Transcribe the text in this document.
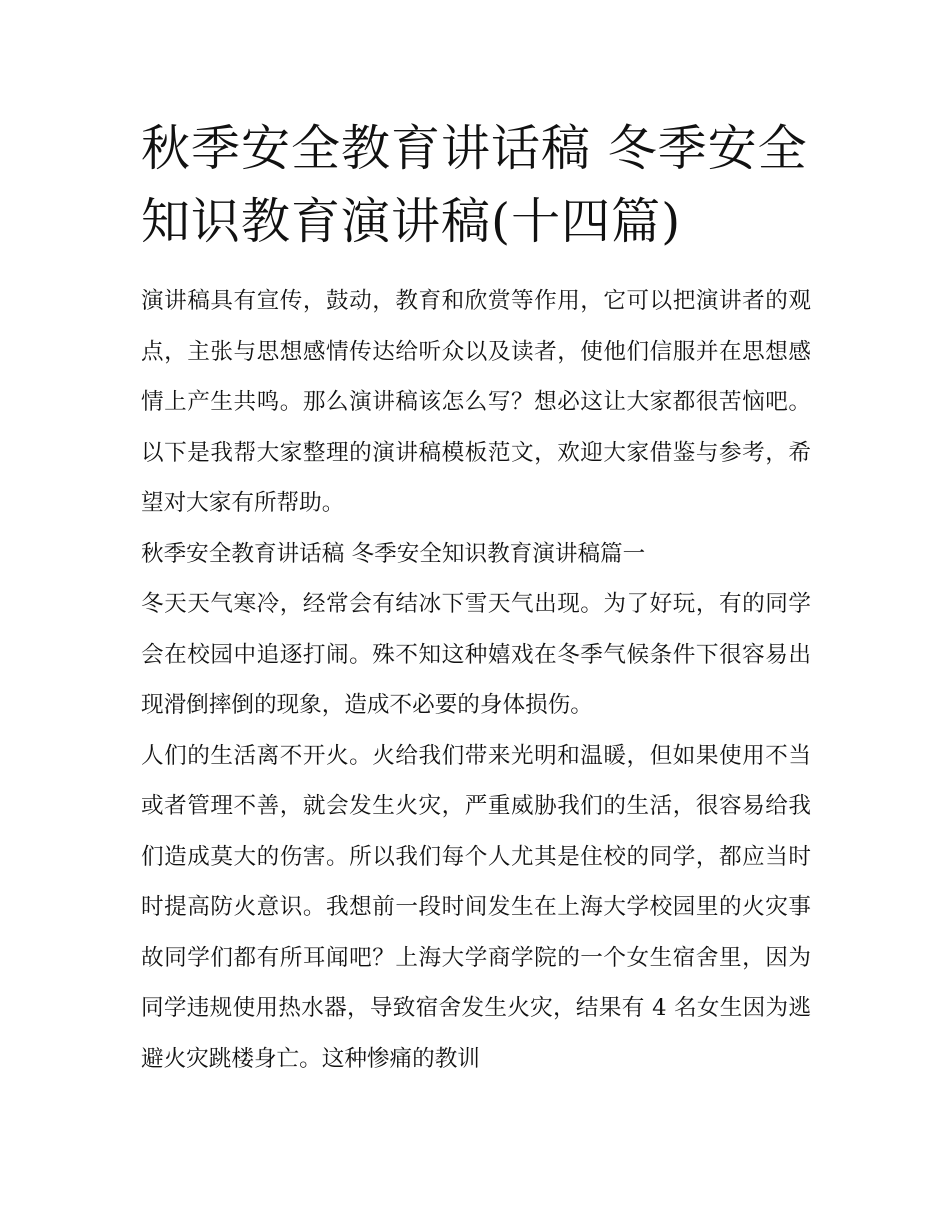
秋季安全教育讲话稿 冬季安全知识教育演讲稿(十四篇)

演讲稿具有宣传，鼓动，教育和欣赏等作用，它可以把演讲者的观点，主张与思想感情传达给听众以及读者，使他们信服并在思想感情上产生共鸣。那么演讲稿该怎么写？想必这让大家都很苦恼吧。以下是我帮大家整理的演讲稿模板范文，欢迎大家借鉴与参考，希望对大家有所帮助。

秋季安全教育讲话稿 冬季安全知识教育演讲稿篇一

冬天天气寒冷，经常会有结冰下雪天气出现。为了好玩，有的同学会在校园中追逐打闹。殊不知这种嬉戏在冬季气候条件下很容易出现滑倒摔倒的现象，造成不必要的身体损伤。

人们的生活离不开火。火给我们带来光明和温暖，但如果使用不当或者管理不善，就会发生火灾，严重威胁我们的生活，很容易给我们造成莫大的伤害。所以我们每个人尤其是住校的同学，都应当时时提高防火意识。我想前一段时间发生在上海大学校园里的火灾事故同学们都有所耳闻吧？上海大学商学院的一个女生宿舍里，因为同学违规使用热水器，导致宿舍发生火灾，结果有 4 名女生因为逃避火灾跳楼身亡。这种惨痛的教训
